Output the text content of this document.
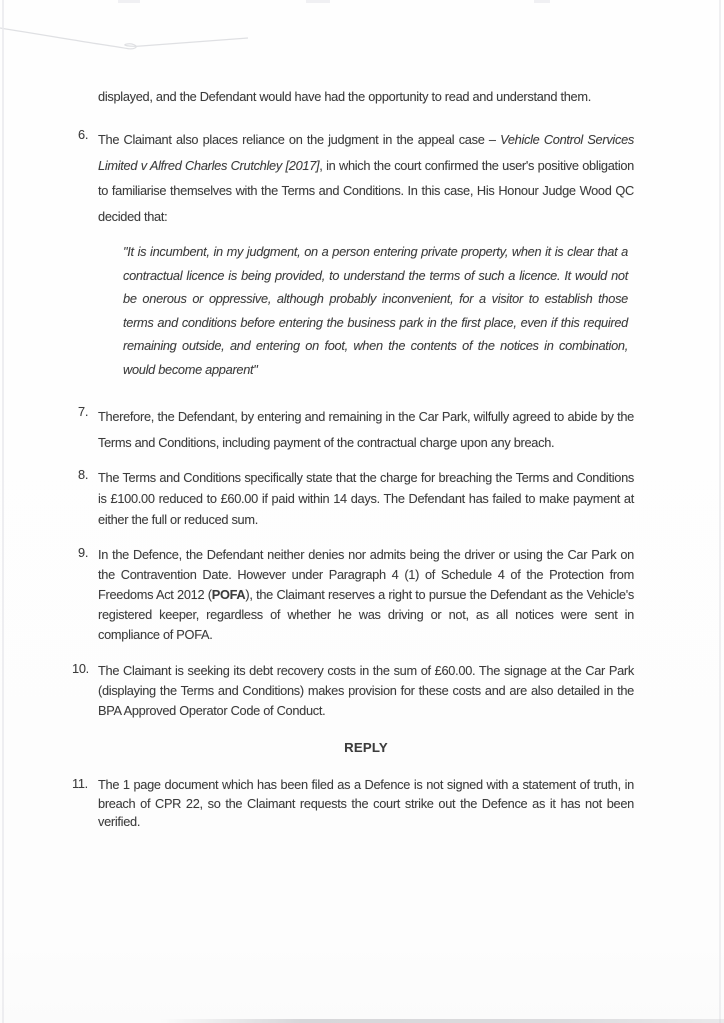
displayed, and the Defendant would have had the opportunity to read and understand them.

6. The Claimant also places reliance on the judgment in the appeal case – Vehicle Control Services Limited v Alfred Charles Crutchley [2017], in which the court confirmed the user's positive obligation to familiarise themselves with the Terms and Conditions. In this case, His Honour Judge Wood QC decided that:
"It is incumbent, in my judgment, on a person entering private property, when it is clear that a contractual licence is being provided, to understand the terms of such a licence. It would not be onerous or oppressive, although probably inconvenient, for a visitor to establish those terms and conditions before entering the business park in the first place, even if this required remaining outside, and entering on foot, when the contents of the notices in combination, would become apparent"
7. Therefore, the Defendant, by entering and remaining in the Car Park, wilfully agreed to abide by the Terms and Conditions, including payment of the contractual charge upon any breach.
8. The Terms and Conditions specifically state that the charge for breaching the Terms and Conditions is £100.00 reduced to £60.00 if paid within 14 days. The Defendant has failed to make payment at either the full or reduced sum.
9. In the Defence, the Defendant neither denies nor admits being the driver or using the Car Park on the Contravention Date. However under Paragraph 4 (1) of Schedule 4 of the Protection from Freedoms Act 2012 (POFA), the Claimant reserves a right to pursue the Defendant as the Vehicle's registered keeper, regardless of whether he was driving or not, as all notices were sent in compliance of POFA.
10. The Claimant is seeking its debt recovery costs in the sum of £60.00. The signage at the Car Park (displaying the Terms and Conditions) makes provision for these costs and are also detailed in the BPA Approved Operator Code of Conduct.
REPLY
11. The 1 page document which has been filed as a Defence is not signed with a statement of truth, in breach of CPR 22, so the Claimant requests the court strike out the Defence as it has not been verified.
